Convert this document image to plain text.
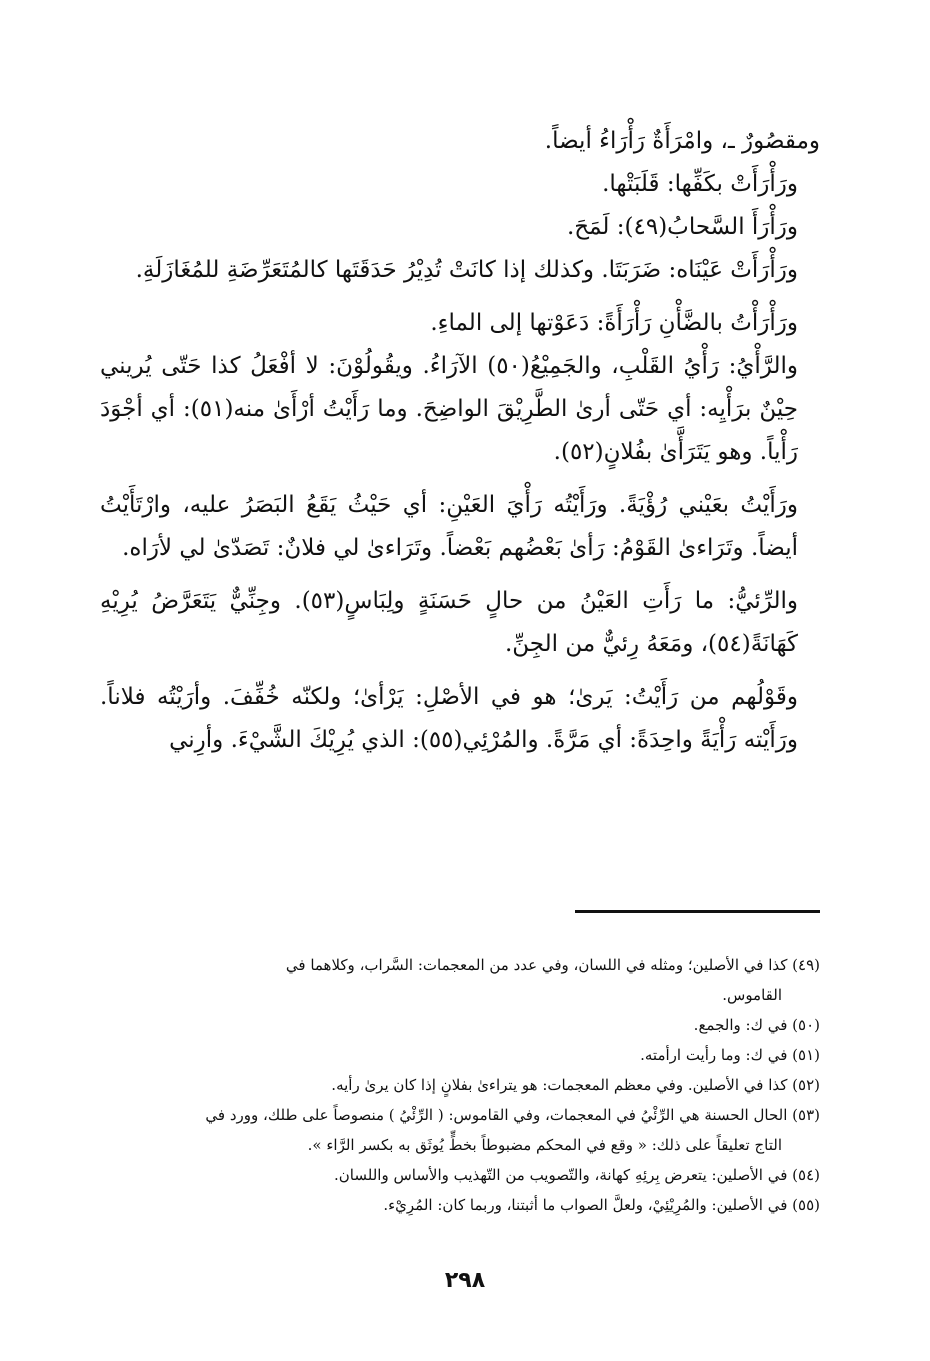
ومقصُورٌ ـ، وامْرَأَةٌ رَأْرَاءُ أيضاً.

ورَأْرَأَتْ بكَفِّها: قَلَبَتْها.

ورَأْرَأَ السَّحابُ(٤٩): لَمَحَ.

ورَأْرَأَتْ عَيْنَاه: ضَرَبَتَا. وكذلك إذا كانَتْ تُدِيْرُ حَدَقَتَها كالمُتَعَرِّضَةِ للمُغَازَلَةِ.

ورَأْرَأْتُ بالضَّأْنِ رَأْرَأَةً: دَعَوْتها إلى الماءِ.

والرَّأْيُ: رَأْيُ القَلْبِ، والجَمِيْعُ(٥٠) الآرَاءُ. ويقُولُوْنَ: لا أفْعَلُ كذا حَتّى يُريني حِيْنٌ برَأْيِه: أي حَتّى أرىٰ الطَّرِيْقَ الواضِحَ. وما رَأَيْتُ أرْأَىٰ منه(٥١): أي أجْوَدَ رَأْياً. وهو يَتَرَأَّىٰ بفُلانٍ(٥٢).

ورَأَيْتُ بعَيْني رُؤْيَةً. ورَأَيْتُه رَأْيَ العَيْنِ: أي حَيْثُ يَقَعُ البَصَرُ عليه، وارْتَأَيْتُ أيضاً. وتَرَاءىٰ القَوْمُ: رَأىٰ بَعْضُهم بَعْضاً. وتَرَاءىٰ لي فلانٌ: تَصَدّىٰ لي لأرَاه.

والرِّئيُّ: ما رَأَتِ العَيْنُ من حالٍ حَسَنَةٍ ولِبَاسٍ(٥٣). وجِنِّيٌّ يَتَعَرَّضُ يُرِيْهِ كَهَانَةً(٥٤)، ومَعَهُ رِئيٌّ من الجِنِّ.

وقَوْلُهم من رَأَيْتُ: يَرىٰ؛ هو في الأصْلِ: يَرْأىٰ؛ ولكنّه خُفِّفَ. وأرَيْتُه فلاناً. ورَأَيْته رَأْيَةً واحِدَةً: أي مَرَّةً. والمُرْئِي(٥٥): الذي يُرِيْكَ الشَّيْءَ. وأرِني

(٤٩) كذا في الأصلين؛ ومثله في اللسان، وفي عدد من المعجمات: السَّراب، وكلاهما في

القاموس.

(٥٠) في ك: والجمع.

(٥١) في ك: وما رأيت ارأمته.

(٥٢) كذا في الأصلين. وفي معظم المعجمات: هو يتراءىٰ بفلانٍ إذا كان يرىٰ رأيه.

(٥٣) الحال الحسنة هي الرِّئْيُ في المعجمات، وفي القاموس: ( الرِّئْيُ ) منصوصاً على طلك، وورد في

التاج تعليقاً على ذلك: « وقع في المحكم مضبوطاً بخطٍّ يُوثَق به بكسر الرَّاء ».

(٥٤) في الأصلين: يتعرض بِرئِهِ كهانة، والتّصويب من التّهذيب والأساس واللسان.

(٥٥) في الأصلين: والمُرِيْئِيْ، ولعلَّ الصواب ما أثبتنا، وربما كان: المُرِيْء.

٢٩٨
